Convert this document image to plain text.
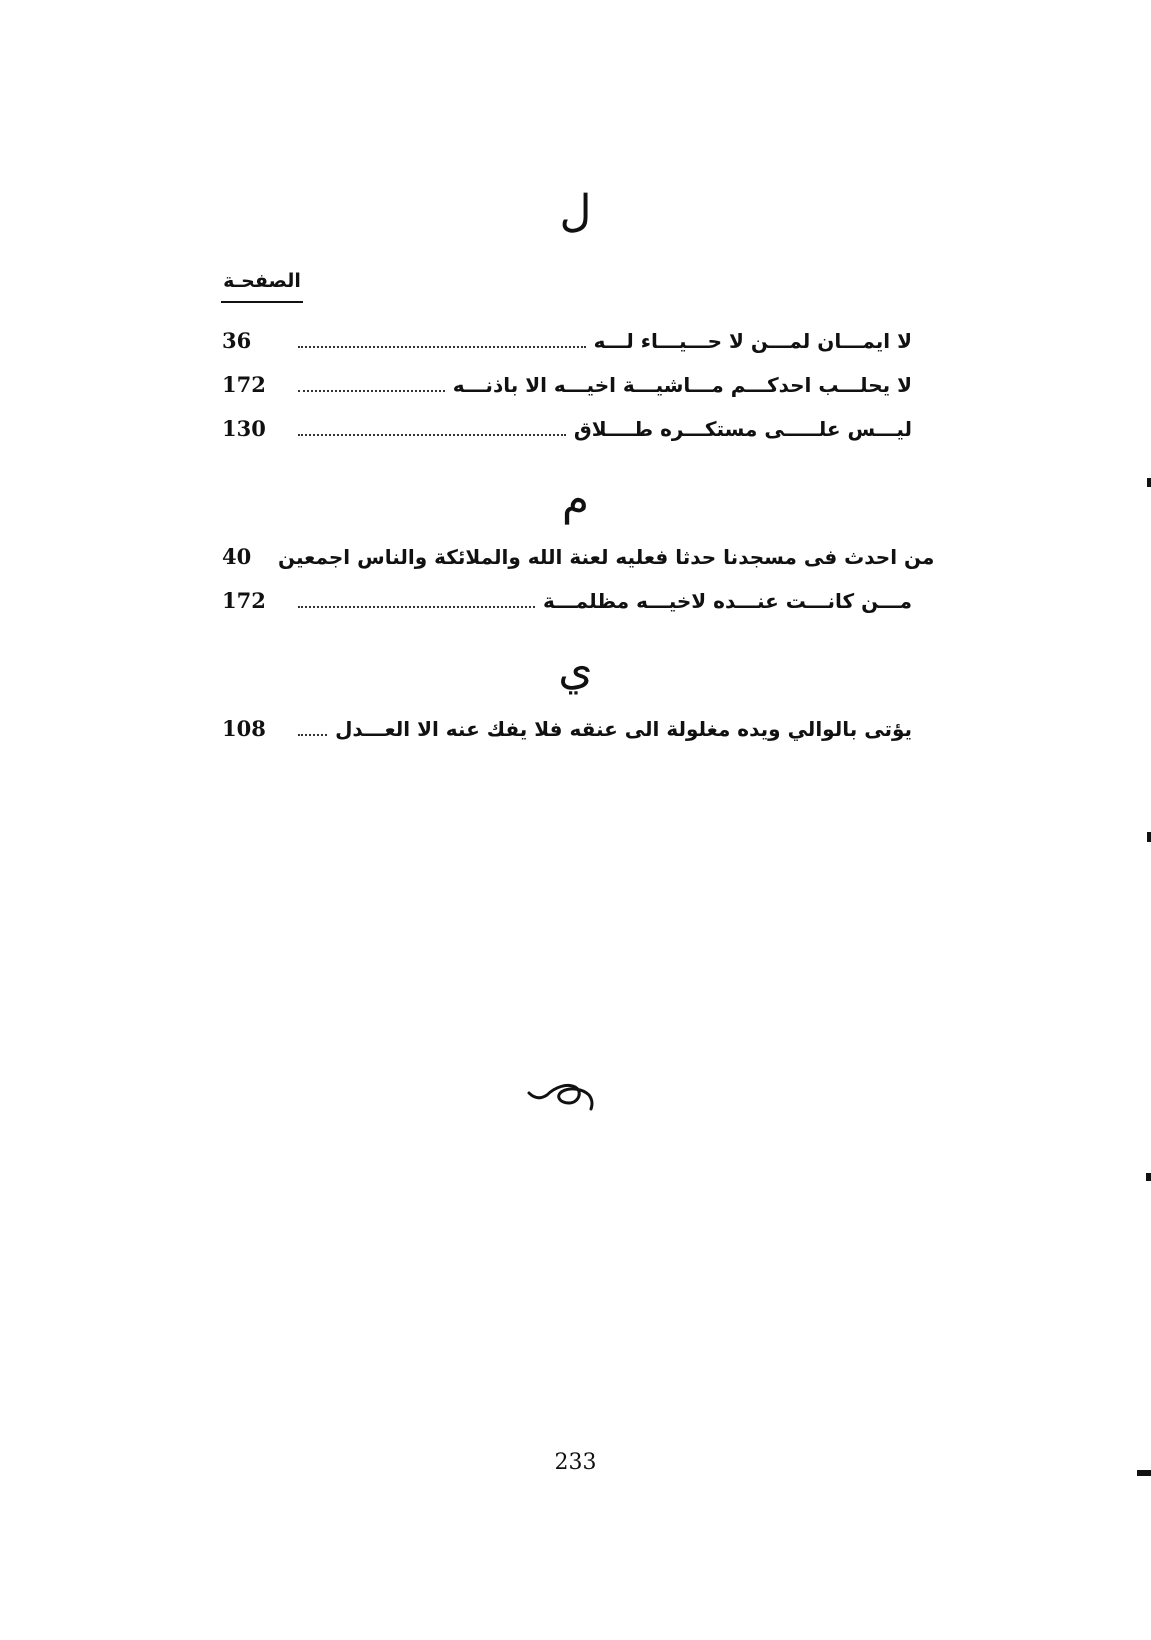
ل
الصفحـة
36	لا ايمـــان لمـــن لا حـــيـــاء لـــه
172	لا يحلـــب احدكـــم مـــاشيـــة اخيـــه الا باذنـــه
130	ليـــس علـــــى مستكـــره طــــلاق
م
40	من احدث فى مسجدنا حدثا فعليه لعنة الله والملائكة والناس اجمعين
172	مـــن كانـــت عنـــده لاخيـــه مظلمـــة
ي
108	يؤتى بالوالي ويده مغلولة الى عنقه فلا يفك عنه الا العـــدل
233
